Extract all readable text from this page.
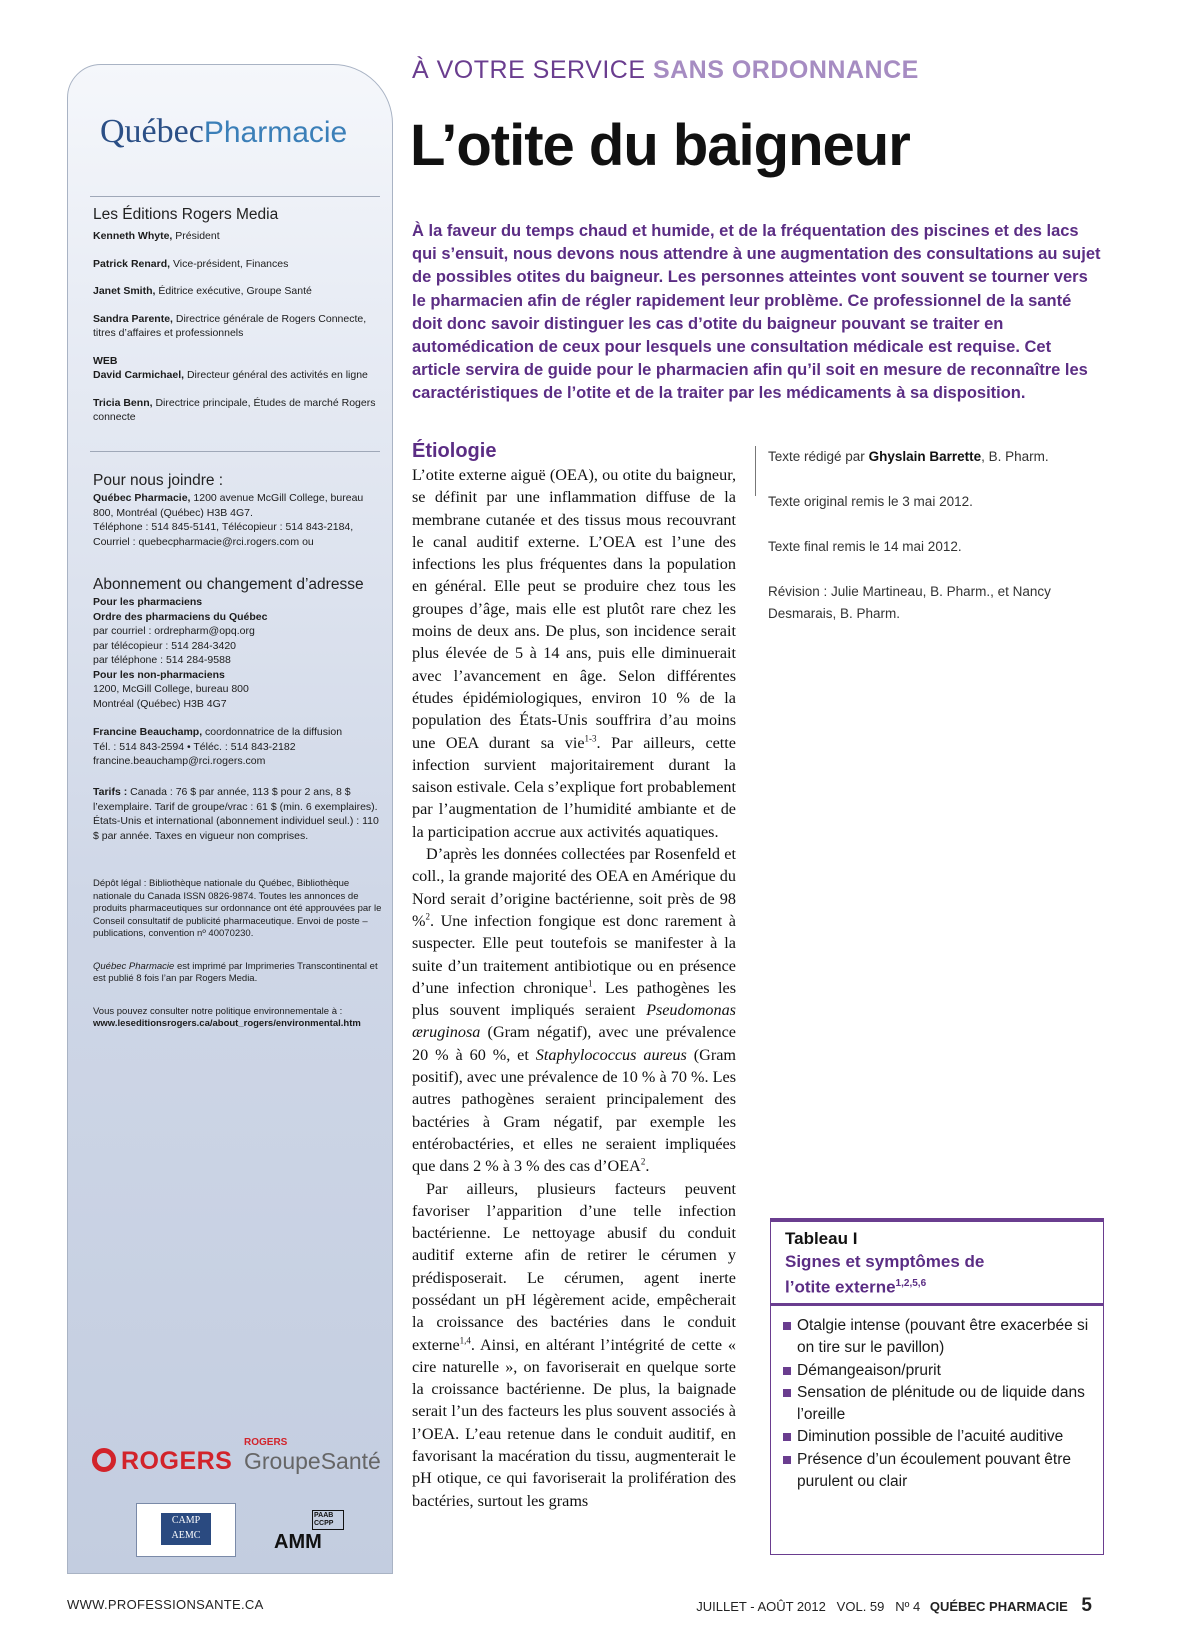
QuébecPharmacie
Les Éditions Rogers Media

Kenneth Whyte, Président

Patrick Renard, Vice-président, Finances

Janet Smith, Éditrice exécutive, Groupe Santé

Sandra Parente, Directrice générale de Rogers Connecte, titres d’affaires et professionnels

WEB
David Carmichael, Directeur général des activités en ligne

Tricia Benn, Directrice principale, Études de marché Rogers connecte

Pour nous joindre :
Québec Pharmacie, 1200 avenue McGill College, bureau 800, Montréal (Québec) H3B 4G7.
Téléphone : 514 845-5141, Télécopieur : 514 843-2184,
Courriel : quebecpharmacie@rci.rogers.com ou
Abonnement ou changement d’adresse
Pour les pharmaciens
Ordre des pharmaciens du Québec
par courriel : ordrepharm@opq.org
par télécopieur : 514 284-3420
par téléphone : 514 284-9588
Pour les non-pharmaciens
1200, McGill College, bureau 800
Montréal (Québec) H3B 4G7
Francine Beauchamp, coordonnatrice de la diffusion
Tél. : 514 843-2594 • Téléc. : 514 843-2182
francine.beauchamp@rci.rogers.com

Tarifs : Canada : 76 $ par année, 113 $ pour 2 ans, 8 $ l’exemplaire. Tarif de groupe/vrac : 61 $ (min. 6 exemplaires). États-Unis et international (abonnement individuel seul.) : 110 $ par année. Taxes en vigueur non comprises.

Dépôt légal : Bibliothèque nationale du Québec, Bibliothèque nationale du Canada ISSN 0826-9874. Toutes les annonces de produits pharmaceutiques sur ordonnance ont été approuvées par le Conseil consultatif de publicité pharmaceutique. Envoi de poste – publications, convention nº 40070230.

Québec Pharmacie est imprimé par Imprimeries Transcontinental et est publié 8 fois l’an par Rogers Media.

Vous pouvez consulter notre politique environnementale à :
www.leseditionsrogers.ca/about_rogers/environmental.htm

ROGERS
ROGERS
GroupeSanté
CAMP AEMC	AMM
PAAB CCPP
À VOTRE SERVICE SANS ORDONNANCE
L’otite du baigneur

À la faveur du temps chaud et humide, et de la fréquentation des piscines et des lacs qui s’ensuit, nous devons nous attendre à une augmentation des consultations au sujet de possibles otites du baigneur. Les personnes atteintes vont souvent se tourner vers le pharmacien afin de régler rapidement leur problème. Ce professionnel de la santé doit donc savoir distinguer les cas d’otite du baigneur pouvant se traiter en automédication de ceux pour lesquels une consultation médicale est requise. Cet article servira de guide pour le pharmacien afin qu’il soit en mesure de reconnaître les caractéristiques de l’otite et de la traiter par les médicaments à sa disposition.

Étiologie

L’otite externe aiguë (OEA), ou otite du baigneur, se définit par une inflammation diffuse de la membrane cutanée et des tissus mous recouvrant le canal auditif externe. L’OEA est l’une des infections les plus fréquentes dans la population en général. Elle peut se produire chez tous les groupes d’âge, mais elle est plutôt rare chez les moins de deux ans. De plus, son incidence serait plus élevée de 5 à 14 ans, puis elle diminuerait avec l’avancement en âge. Selon différentes études épidémiologiques, environ 10 % de la population des États-Unis souffrira d’au moins une OEA durant sa vie$^{1-3}$. Par ailleurs, cette infection survient majoritairement durant la saison estivale. Cela s’explique fort probablement par l’augmentation de l’humidité ambiante et de la participation accrue aux activités aquatiques.

D’après les données collectées par Rosenfeld et coll., la grande majorité des OEA en Amérique du Nord serait d’origine bactérienne, soit près de 98 %$^2$. Une infection fongique est donc rarement à suspecter. Elle peut toutefois se manifester à la suite d’un traitement antibiotique ou en présence d’une infection chronique$^1$. Les pathogènes les plus souvent impliqués seraient Pseudomonas æruginosa (Gram négatif), avec une prévalence 20 % à 60 %, et Staphylococcus aureus (Gram positif), avec une prévalence de 10 % à 70 %. Les autres pathogènes seraient principalement des bactéries à Gram négatif, par exemple les entérobactéries, et elles ne seraient impliquées que dans 2 % à 3 % des cas d’OEA$^2$.

Par ailleurs, plusieurs facteurs peuvent favoriser l’apparition d’une telle infection bactérienne. Le nettoyage abusif du conduit auditif externe afin de retirer le cérumen y prédisposerait. Le cérumen, agent inerte possédant un pH légèrement acide, empêcherait la croissance des bactéries dans le conduit externe$^{1,4}$. Ainsi, en altérant l’intégrité de cette « cire naturelle », on favoriserait en quelque sorte la croissance bactérienne. De plus, la baignade serait l’un des facteurs les plus souvent associés à l’OEA. L’eau retenue dans le conduit auditif, en favorisant la macération du tissu, augmenterait le pH otique, ce qui favoriserait la prolifération des bactéries, surtout les grams

Texte rédigé par Ghyslain Barrette, B. Pharm.

Texte original remis le 3 mai 2012.

Texte final remis le 14 mai 2012.

Révision : Julie Martineau, B. Pharm., et Nancy Desmarais, B. Pharm.

Tableau I
Signes et symptômes de l’otite externe$^{1,2,5,6}$
Otalgie intense (pouvant être exacerbée si on tire sur le pavillon)
Démangeaison/prurit
Sensation de plénitude ou de liquide dans l’oreille
Diminution possible de l’acuité auditive
Présence d’un écoulement pouvant être purulent ou clair
WWW.PROFESSIONSANTE.CA	JUILLET - AOÛT 2012   VOL. 59   Nº 4 QUÉBEC PHARMACIE 5
